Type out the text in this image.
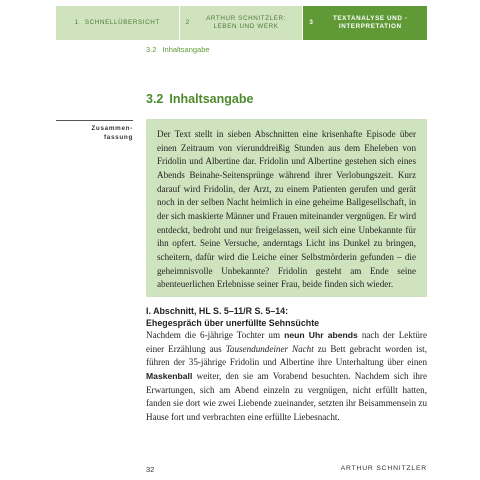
1 SCHNELLÜBERSICHT	2
ARTHUR SCHNITZLER: LEBEN UND WERK
3
TEXTANALYSE UND -INTERPRETATION
3.2 Inhaltsangabe
3.2 Inhaltsangabe
Zusammen-
fassung	Der Text stellt in sieben Abschnitten eine krisenhafte Episode über einen Zeitraum von vierunddreißig Stunden aus dem Eheleben von Fridolin und Albertine dar. Fridolin und Albertine gestehen sich eines Abends Beinahe-Seitensprünge während ihrer Verlobungszeit. Kurz darauf wird Fridolin, der Arzt, zu einem Patienten gerufen und gerät noch in der selben Nacht heimlich in eine geheime Ballgesellschaft, in der sich maskierte Männer und Frauen miteinander vergnügen. Er wird entdeckt, bedroht und nur freigelassen, weil sich eine Unbekannte für ihn opfert. Seine Versuche, anderntags Licht ins Dunkel zu bringen, scheitern, dafür wird die Leiche einer Selbstmörderin gefunden – die geheimnisvolle Unbekannte? Fridolin gesteht am Ende seine abenteuerlichen Erlebnisse seiner Frau, beide finden sich wieder.

I. Abschnitt, HL S. 5–11/R S. 5–14:
Ehegespräch über unerfüllte Sehnsüchte

Nachdem die 6-jährige Tochter um neun Uhr abends nach der Lektüre einer Erzählung aus Tausendundeiner Nacht zu Bett gebracht worden ist, führen der 35-jährige Fridolin und Albertine ihre Unterhaltung über einen Maskenball weiter, den sie am Vorabend besuchten. Nachdem sich ihre Erwartungen, sich am Abend einzeln zu vergnügen, nicht erfüllt hatten, fanden sie dort wie zwei Liebende zueinander, setzten ihr Beisammensein zu Hause fort und verbrachten eine erfüllte Liebesnacht.

32	ARTHUR SCHNITZLER
